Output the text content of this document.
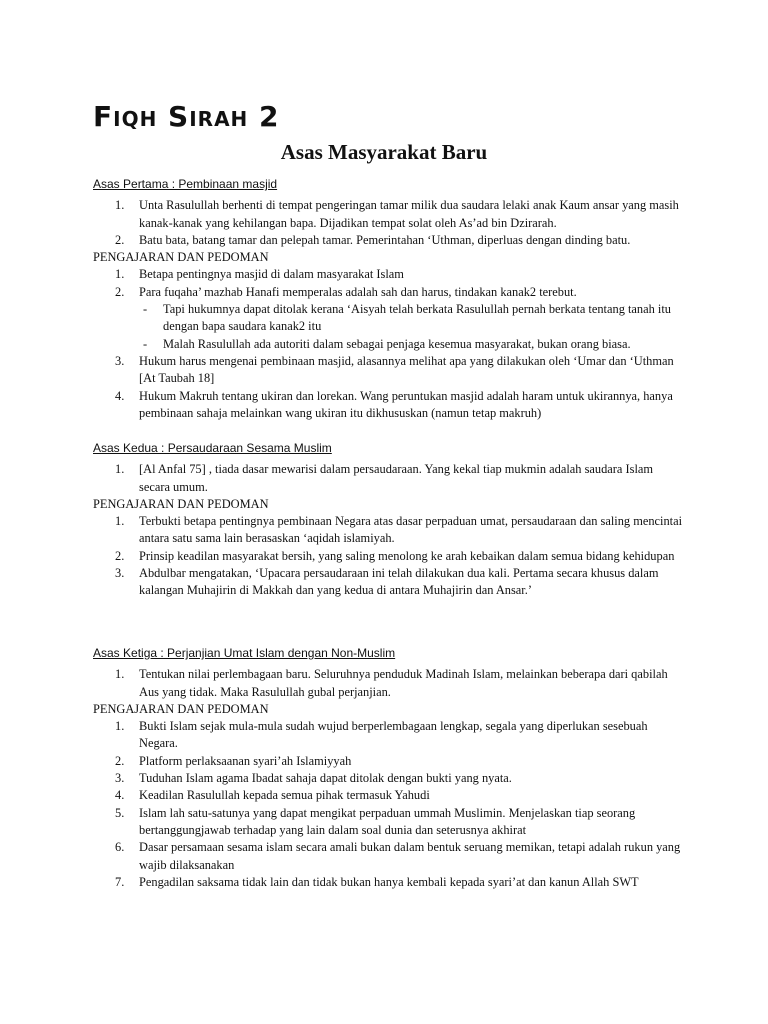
Fiqh Sirah 2
Asas Masyarakat Baru

Asas Pertama : Pembinaan masjid

1.	Unta Rasulullah berhenti di tempat pengeringan tamar milik dua saudara lelaki anak Kaum ansar yang masih kanak-kanak yang kehilangan bapa. Dijadikan tempat solat oleh As’ad bin Dzirarah.
2.	Batu bata, batang tamar dan pelepah tamar. Pemerintahan ‘Uthman, diperluas dengan dinding batu.

PENGAJARAN DAN PEDOMAN

1.	Betapa pentingnya masjid di dalam masyarakat Islam
2.	Para fuqaha’ mazhab Hanafi memperalas adalah sah dan harus, tindakan kanak2 terebut.
- Tapi hukumnya dapat ditolak kerana ‘Aisyah telah berkata Rasulullah pernah berkata tentang tanah itu dengan bapa saudara kanak2 itu
- Malah Rasulullah ada autoriti dalam sebagai penjaga kesemua masyarakat, bukan orang biasa.
3.	Hukum harus mengenai pembinaan masjid, alasannya melihat apa yang dilakukan oleh ‘Umar dan ‘Uthman [At Taubah 18]
4.	Hukum Makruh tentang ukiran dan lorekan. Wang peruntukan masjid adalah haram untuk ukirannya, hanya pembinaan sahaja melainkan wang ukiran itu dikhususkan (namun tetap makruh)

Asas Kedua : Persaudaraan Sesama Muslim

1.	[Al Anfal 75] , tiada dasar mewarisi dalam persaudaraan. Yang kekal tiap mukmin adalah saudara Islam secara umum.

PENGAJARAN DAN PEDOMAN

1.	Terbukti betapa pentingnya pembinaan Negara atas dasar perpaduan umat, persaudaraan dan saling mencintai antara satu sama lain berasaskan ‘aqidah islamiyah.
2.	Prinsip keadilan masyarakat bersih, yang saling menolong ke arah kebaikan dalam semua bidang kehidupan
3.	Abdulbar mengatakan, ‘Upacara persaudaraan ini telah dilakukan dua kali. Pertama secara khusus dalam kalangan Muhajirin di Makkah dan yang kedua di antara Muhajirin dan Ansar.’

Asas Ketiga : Perjanjian Umat Islam dengan Non-Muslim

1.	Tentukan nilai perlembagaan baru. Seluruhnya penduduk Madinah Islam, melainkan beberapa dari qabilah Aus yang tidak. Maka Rasulullah gubal perjanjian.

PENGAJARAN DAN PEDOMAN

1.	Bukti Islam sejak mula-mula sudah wujud berperlembagaan lengkap, segala yang diperlukan sesebuah Negara.
2.	Platform perlaksaanan syari’ah Islamiyyah
3.	Tuduhan Islam agama Ibadat sahaja dapat ditolak dengan bukti yang nyata.
4.	Keadilan Rasulullah kepada semua pihak termasuk Yahudi
5.	Islam lah satu-satunya yang dapat mengikat perpaduan ummah Muslimin. Menjelaskan tiap seorang bertanggungjawab terhadap yang lain dalam soal dunia dan seterusnya akhirat
6.	Dasar persamaan sesama islam secara amali bukan dalam bentuk seruang memikan, tetapi adalah rukun yang wajib dilaksanakan
7.	Pengadilan saksama tidak lain dan tidak bukan hanya kembali kepada syari’at dan kanun Allah SWT
